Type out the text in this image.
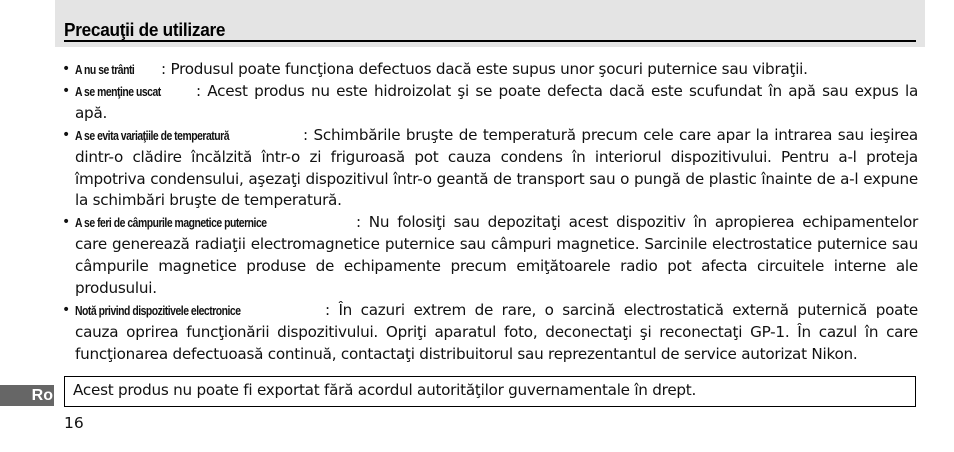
Precauţii de utilizare
• A nu se trânti : Produsul poate funcţiona defectuos dacă este supus unor şocuri puternice sau vibraţii.
• A se menţine uscat : Acest produs nu este hidroizolat şi se poate defecta dacă este scufundat în apă sau expus la apă.
• A se evita variaţiile de temperatură	: Schimbările bruşte de temperatură precum cele care apar la intrarea sau ieşirea dintr-o clădire încălzită într-o zi friguroasă pot cauza condens în interiorul dispozitivului. Pentru a-l proteja împotriva condensului, aşezaţi dispozitivul într-o geantă de transport sau o pungă de plastic înainte de a-l expune la schimbări bruşte de temperatură.
• A se feri de câmpurile magnetice puternice	: Nu folosiţi sau depozitaţi acest dispozitiv în apropierea echipamentelor care generează radiaţii electromagnetice puternice sau câmpuri magnetice. Sarcinile electrostatice puternice sau câmpurile magnetice produse de echipamente precum emiţătoarele radio pot afecta circuitele interne ale produsului.
• Notă privind dispozitivele electronice	: În cazuri extrem de rare, o sarcină electrostatică externă puternică poate cauza oprirea funcţionării dispozitivului. Opriţi aparatul foto, deconectaţi şi reconectaţi GP-1. În cazul în care funcţionarea defectuoasă continuă, contactaţi distribuitorul sau reprezentantul de service autorizat Nikon.
Ro Acest produs nu poate fi exportat fără acordul autorităţilor guvernamentale în drept.
16
